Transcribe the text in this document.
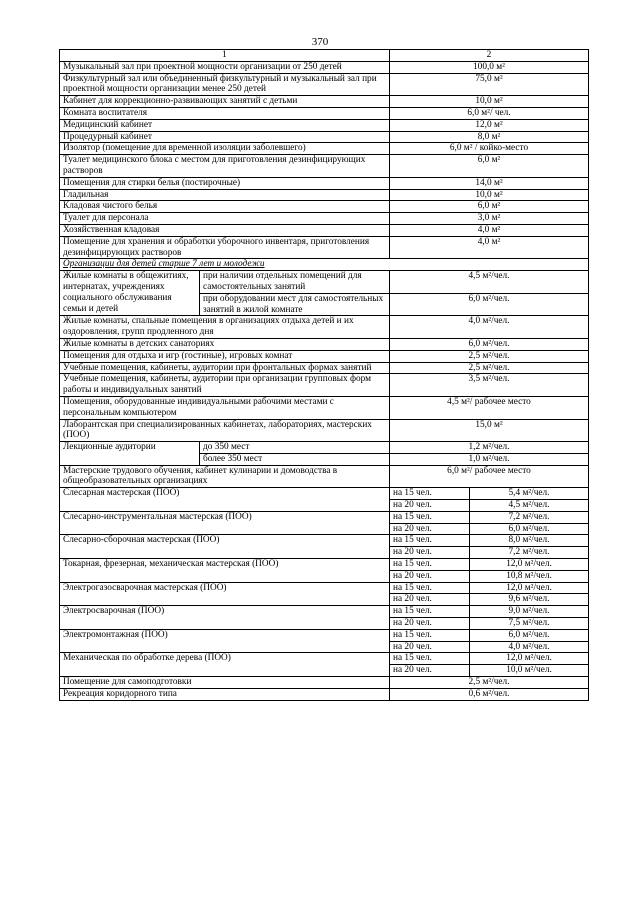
370
1		2	
Музыкальный зал при проектной мощности организации от 250 детей		100,0 м²	
Физкультурный зал или объединенный физкультурный и музыкальный зал при проектной мощности организации менее 250 детей		75,0 м²	
Кабинет для коррекционно-развивающих занятий с детьми		10,0 м²	
Комната воспитателя		6,0 м²/ чел.	
Медицинский кабинет		12,0 м²	
Процедурный кабинет		8,0 м²	
Изолятор (помещение для временной изоляции заболевшего)		6,0 м² / койко-место	
Туалет медицинского блока с местом для приготовления дезинфицирующих растворов		6,0 м²	
Помещения для стирки белья (постирочные)		14,0 м²	
Гладильная		10,0 м²	
Кладовая чистого белья		6,0 м²	
Туалет для персонала		3,0 м²	
Хозяйственная кладовая		4,0 м²	
Помещение для хранения и обработки уборочного инвентаря, приготовления дезинфицирующих растворов		4,0 м²	
Организации для детей старше 7 лет и молодежи			
Жилые комнаты в общежитиях, интернатах, учреждениях социального обслуживания семьи и детей	при наличии отдельных помещений для самостоятельных занятий	4,5 м²/чел.	
	при оборудовании мест для самостоятельных занятий в жилой комнате	6,0 м²/чел.	
Жилые комнаты, спальные помещения в организациях отдыха детей и их оздоровления, групп продленного дня		4,0 м²/чел.	
Жилые комнаты в детских санаториях		6,0 м²/чел.	
Помещения для отдыха и игр (гостиные), игровых комнат		2,5 м²/чел.	
Учебные помещения, кабинеты, аудитории при фронтальных формах занятий		2,5 м²/чел.	
Учебные помещения, кабинеты, аудитории при организации групповых форм работы и индивидуальных занятий		3,5 м²/чел.	
Помещения, оборудованные индивидуальными рабочими местами с персональным компьютером		4,5 м²/ рабочее место	
Лаборантская при специализированных кабинетах, лабораториях, мастерских (ПОО)		15,0 м²	
Лекционные аудитории	до 350 мест	1,2 м²/чел.	
	более 350 мест	1,0 м²/чел.	
Мастерские трудового обучения, кабинет кулинарии и домоводства в общеобразовательных организациях		6,0 м²/ рабочее место	
Слесарная мастерская (ПОО)		на 15 чел.	5,4 м²/чел.
		на 20 чел.	4,5 м²/чел.
Слесарно-инструментальная мастерская (ПОО)		на 15 чел.	7,2 м²/чел.
		на 20 чел.	6,0 м²/чел.
Слесарно-сборочная мастерская (ПОО)		на 15 чел.	8,0 м²/чел.
		на 20 чел.	7,2 м²/чел.
Токарная, фрезерная, механическая мастерская (ПОО)		на 15 чел.	12,0 м²/чел.
		на 20 чел.	10,8 м²/чел.
Электрогазосварочная мастерская (ПОО)		на 15 чел.	12,0 м²/чел.
		на 20 чел.	9,6 м²/чел.
Электросварочная (ПОО)		на 15 чел.	9,0 м²/чел.
		на 20 чел.	7,5 м²/чел.
Электромонтажная (ПОО)		на 15 чел.	6,0 м²/чел.
		на 20 чел.	4,0 м²/чел.
Механическая по обработке дерева (ПОО)		на 15 чел.	12,0 м²/чел.
		на 20 чел.	10,0 м²/чел.
Помещение для самоподготовки		2,5 м²/чел.	
Рекреация коридорного типа		0,6 м²/чел.	
